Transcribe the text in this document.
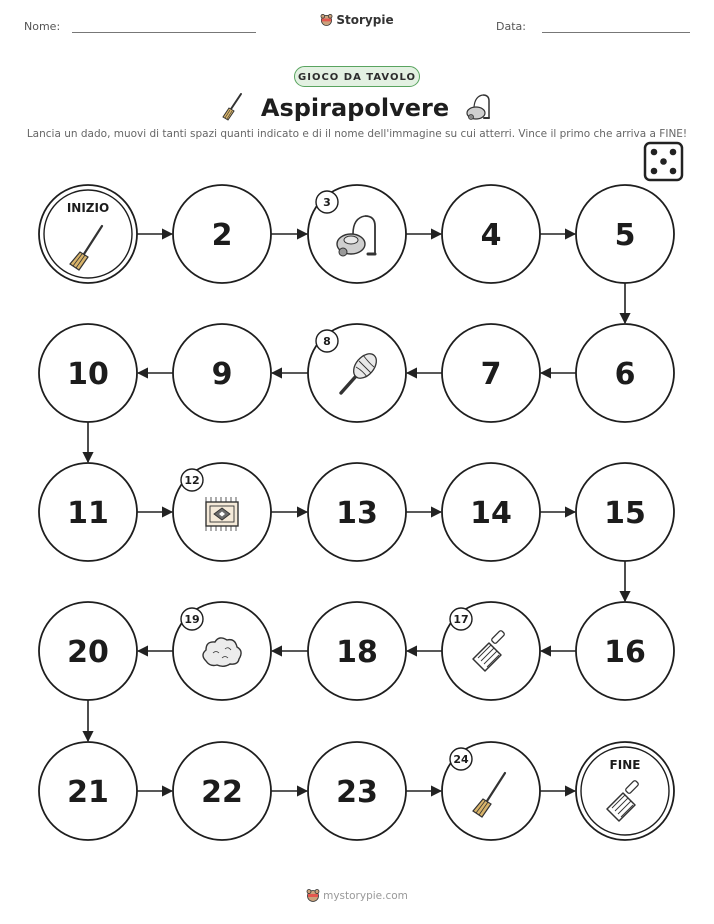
Nome:	Storypie	Data:
GIOCO DA TAVOLO
Aspirapolvere
Lancia un dado, muovi di tanti spazi quanti indicato e di il nome dell'immagine su cui atterri. Vince il primo che arriva a FINE!
INIZIO
2
3
4	5
6
7
8
9
10
11
12
13	14	15
16
17
18
19
20
21	22	23
24	FINE
mystorypie.com
